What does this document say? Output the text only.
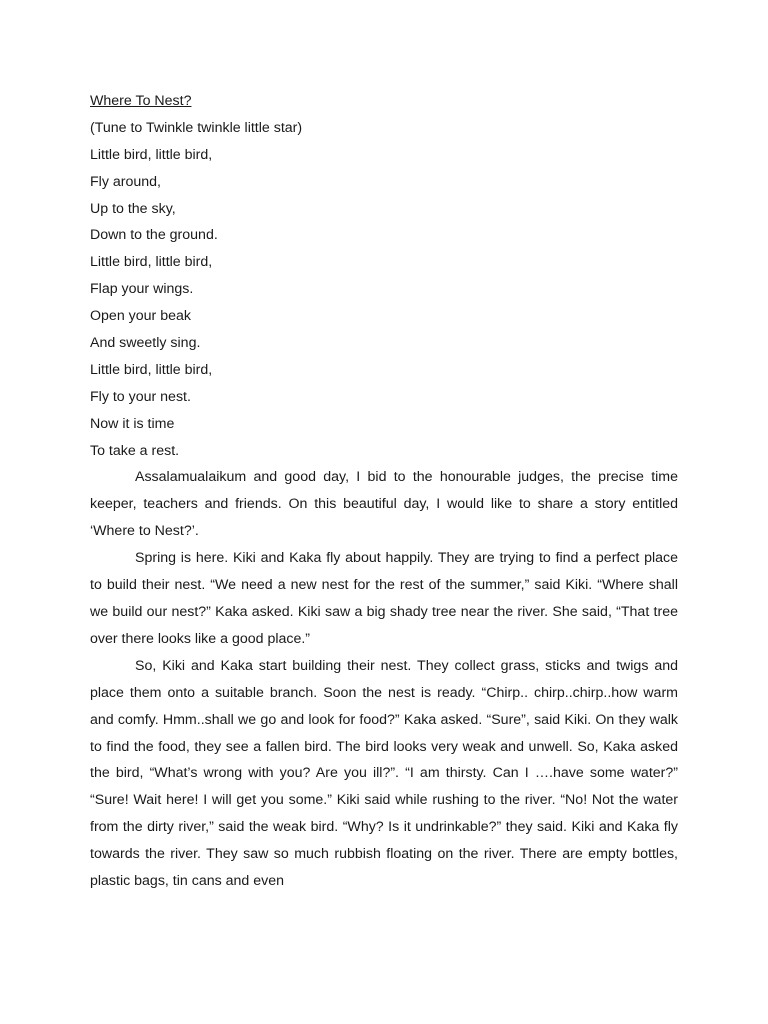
Where To Nest?
(Tune to Twinkle twinkle little star)
Little bird, little bird,
Fly around,
Up to the sky,
Down to the ground.
Little bird, little bird,
Flap your wings.
Open your beak
And sweetly sing.
Little bird, little bird,
Fly to your nest.
Now it is time
To take a rest.

Assalamualaikum and good day, I bid to the honourable judges, the precise time keeper, teachers and friends. On this beautiful day, I would like to share a story entitled ‘Where to Nest?’.

Spring is here. Kiki and Kaka fly about happily. They are trying to find a perfect place to build their nest. “We need a new nest for the rest of the summer,” said Kiki. “Where shall we build our nest?” Kaka asked. Kiki saw a big shady tree near the river. She said, “That tree over there looks like a good place.”

So, Kiki and Kaka start building their nest. They collect grass, sticks and twigs and place them onto a suitable branch. Soon the nest is ready. “Chirp.. chirp..chirp..how warm and comfy. Hmm..shall we go and look for food?” Kaka asked. “Sure”, said Kiki. On they walk to find the food, they see a fallen bird. The bird looks very weak and unwell. So, Kaka asked the bird, “What’s wrong with you? Are you ill?”. “I am thirsty. Can I ….have some water?” “Sure! Wait here! I will get you some.” Kiki said while rushing to the river. “No! Not the water from the dirty river,” said the weak bird. “Why? Is it undrinkable?” they said. Kiki and Kaka fly towards the river. They saw so much rubbish floating on the river. There are empty bottles, plastic bags, tin cans and even
